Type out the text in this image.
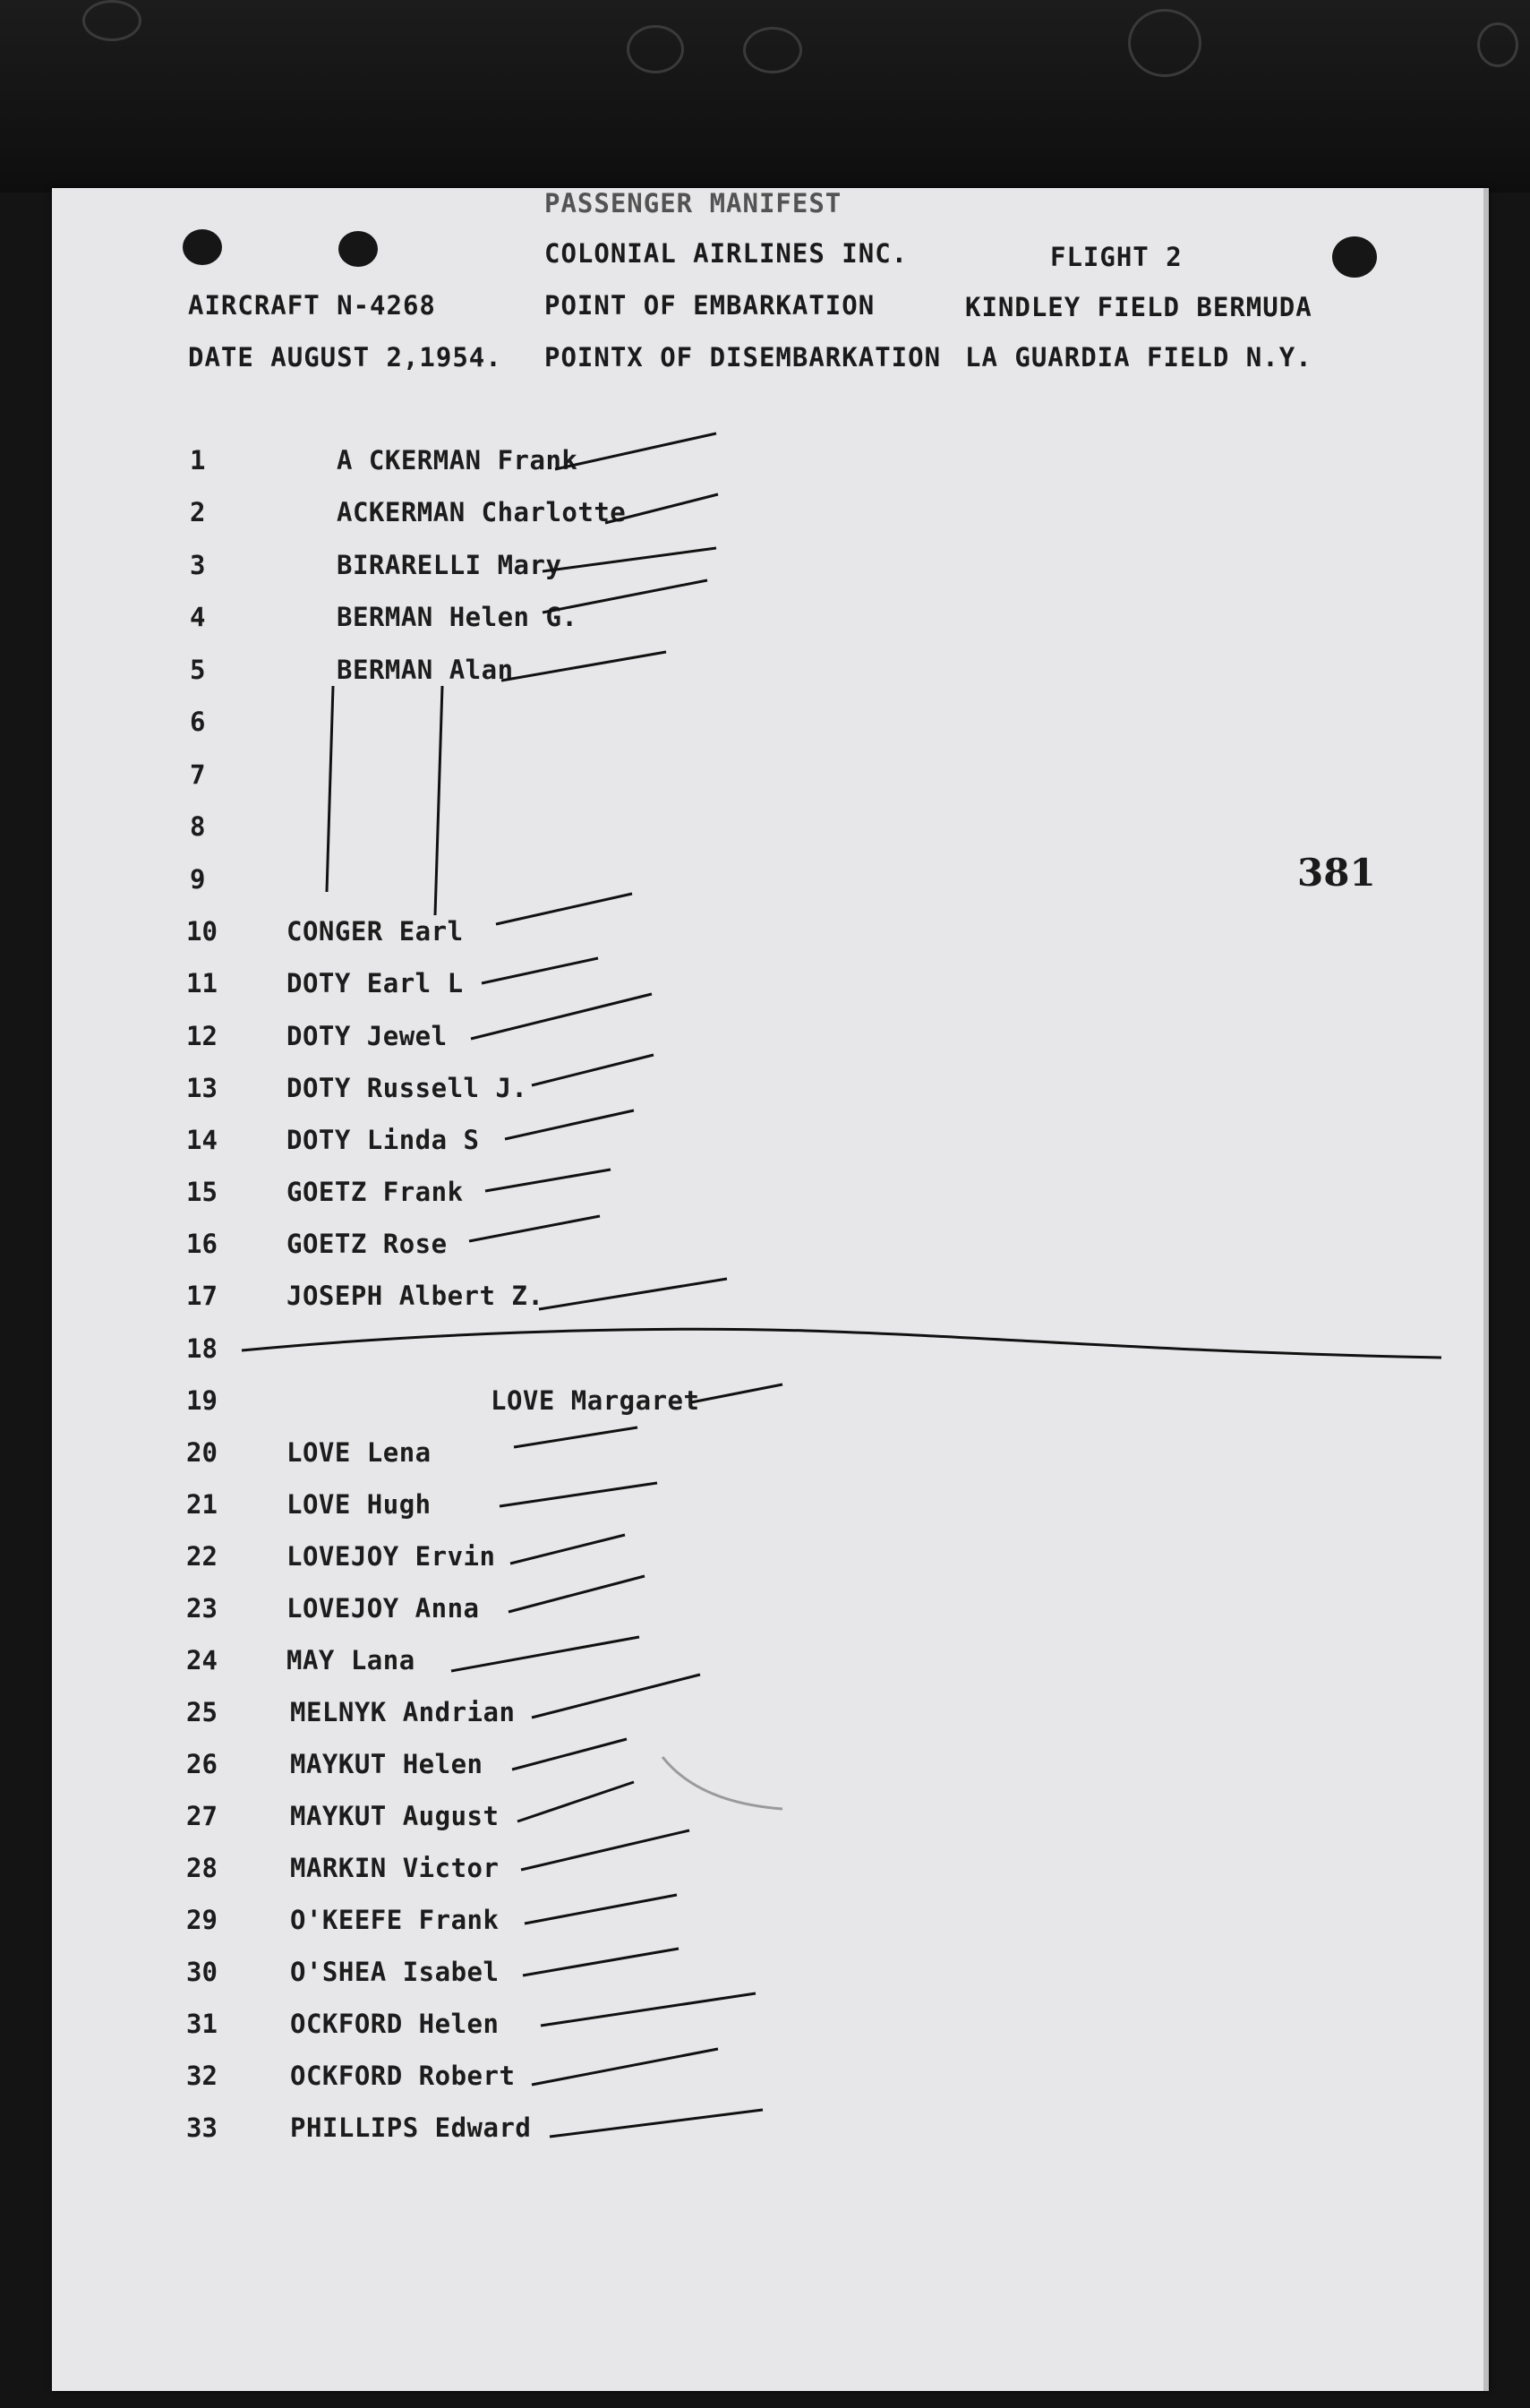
PASSENGER MANIFEST
COLONIAL AIRLINES INC.	FLIGHT 2
AIRCRAFT N-4268	POINT OF EMBARKATION	KINDLEY FIELD BERMUDA
DATE AUGUST 2,1954. POINTX OF DISEMBARKATION LA GUARDIA FIELD N.Y.
381
1	A CKERMAN Frank
2	ACKERMAN Charlotte
3	BIRARELLI Mary
4	BERMAN Helen G.
5	BERMAN Alan
6
7
8
9
10	CONGER Earl
11	DOTY Earl L
12	DOTY Jewel
13	DOTY Russell J.
14	DOTY Linda S
15	GOETZ Frank
16	GOETZ Rose
17	JOSEPH Albert Z.
18
19	LOVE Margaret
20	LOVE Lena
21	LOVE Hugh
22	LOVEJOY Ervin
23	LOVEJOY Anna
24	MAY Lana
25	MELNYK Andrian
26	MAYKUT Helen
27	MAYKUT August
28	MARKIN Victor
29	O'KEEFE Frank
30	O'SHEA Isabel
31	OCKFORD Helen
32	OCKFORD Robert
33	PHILLIPS Edward
